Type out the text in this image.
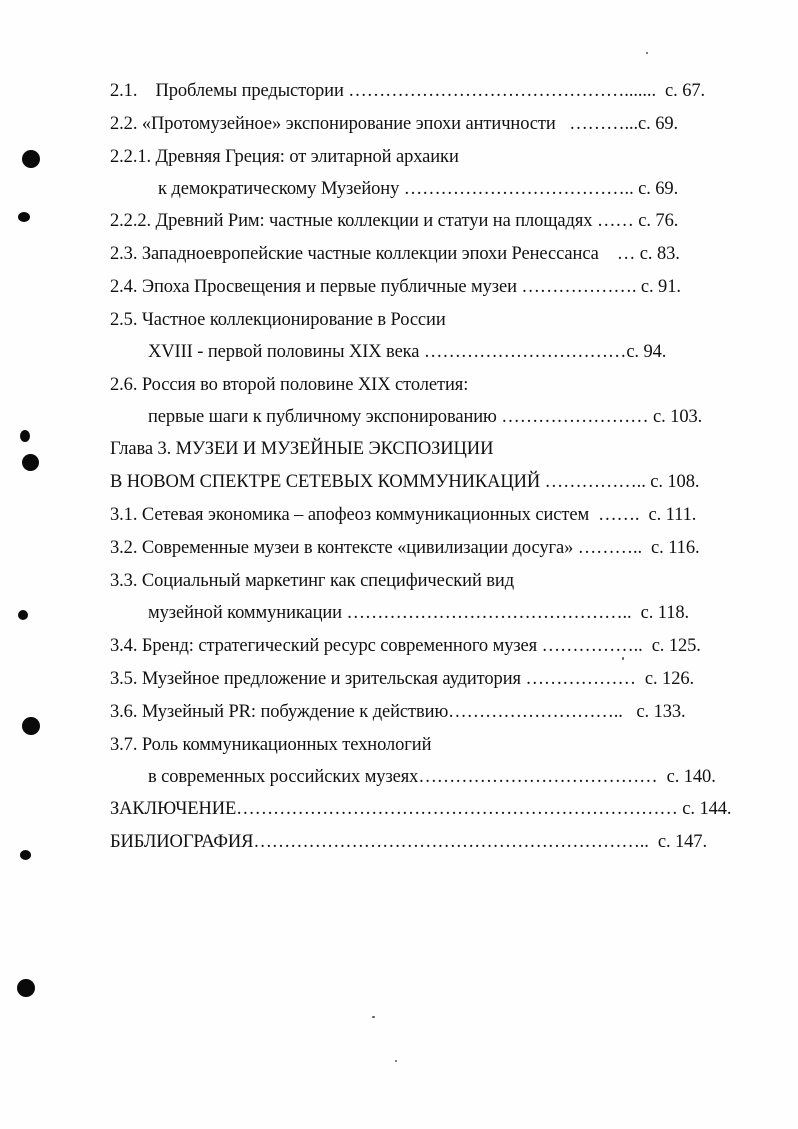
2.1.    Проблемы предыстории ……………………………………….......  с. 67.

2.2. «Протомузейное» экспонирование эпохи античности   ………...с. 69.

2.2.1. Древняя Греция: от элитарной архаики

к демократическому Музейону ……………………………….. с. 69.

2.2.2. Древний Рим: частные коллекции и статуи на площадях …… с. 76.

2.3. Западноевропейские частные коллекции эпохи Ренессанса    … с. 83.

2.4. Эпоха Просвещения и первые публичные музеи ………………. с. 91.

2.5. Частное коллекционирование в России

XVIII - первой половины XIX века ……………………………с. 94.

2.6. Россия во второй половине XIX столетия:

первые шаги к публичному экспонированию …………………… с. 103.

Глава 3. МУЗЕИ И МУЗЕЙНЫЕ ЭКСПОЗИЦИИ

В НОВОМ СПЕКТРЕ СЕТЕВЫХ КОММУНИКАЦИЙ …………….. с. 108.

3.1. Сетевая экономика – апофеоз коммуникационных систем  …….  с. 111.

3.2. Современные музеи в контексте «цивилизации досуга» ………..  с. 116.

3.3. Социальный маркетинг как специфический вид

музейной коммуникации ………………………………………..  с. 118.

3.4. Бренд: стратегический ресурс современного музея ……………..  с. 125.

3.5. Музейное предложение и зрительская аудитория ………………  с. 126.

3.6. Музейный PR: побуждение к действию………………………..   с. 133.

3.7. Роль коммуникационных технологий

в современных российских музеях…………………………………  с. 140.

ЗАКЛЮЧЕНИЕ……………………………………………………………… с. 144.

БИБЛИОГРАФИЯ………………………………………………………..  с. 147.
